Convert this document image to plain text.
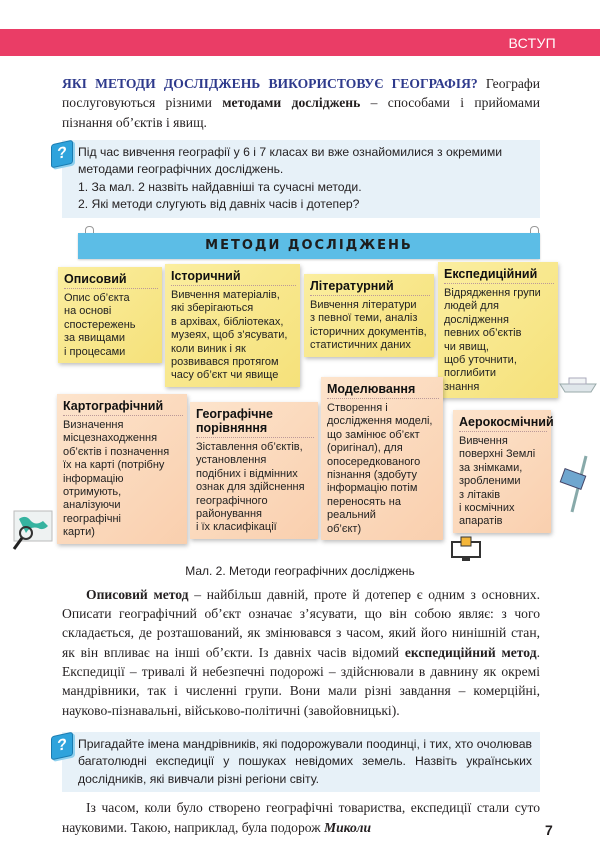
ВСТУП

ЯКІ МЕТОДИ ДОСЛІДЖЕНЬ ВИКОРИСТОВУЄ ГЕОГРАФІЯ? Географи послуговуються різними методами досліджень – способами і прийомами пізнання об’єктів і явищ.

? Під час вивчення географії у 6 і 7 класах ви вже ознайомилися з окремими методами географічних досліджень.
1. За мал. 2 назвіть найдавніші та сучасні методи.
2. Які методи слугують від давніх часів і дотепер?
МЕТОДИ ДОСЛІДЖЕНЬ
Описовий

Опис об’єкта
на основі
спостережень
за явищами
і процесами

Історичний

Вивчення матеріалів,
які зберігаються
в архівах, бібліотеках,
музеях, щоб з’ясувати,
коли виник і як
розвивався протягом
часу об’єкт чи явище

Літературний

Вивчення літератури
з певної теми, аналіз
історичних документів,
статистичних даних

Експедиційний

Відрядження групи
людей для
дослідження
певних об’єктів
чи явищ,
щоб уточнити,
поглибити
знання

Картографічний

Визначення
місцезнаходження
об’єктів і позначення
їх на карті (потрібну
інформацію
отримують,
аналізуючи
географічні
карти)

Географічне
порівняння

Зіставлення об’єктів,
установлення
подібних і відмінних
ознак для здійснення
географічного
районування
і їх класифікації

Моделювання

Створення і
дослідження моделі,
що замінює об’єкт
(оригінал), для
опосередкованого
пізнання (здобуту
інформацію потім
переносять на
реальний
об’єкт)

Аерокосмічний

Вивчення
поверхні Землі
за знімками,
зробленими
з літаків
і космічних
апаратів

Мал. 2. Методи географічних досліджень

Описовий метод – найбільш давній, проте й дотепер є одним з основних. Описати географічний об’єкт означає з’ясувати, що він собою являє: з чого складається, де розташований, як змінювався з часом, який його нинішній стан, як він впливає на інші об’єкти. Із давніх часів відомий експедиційний метод. Експедиції – тривалі й небезпечні подорожі – здійснювали в давнину як окремі мандрівники, так і численні групи. Вони мали різні завдання – комерційні, науково-пізнавальні, військово-політичні (завойовницькі).

? Пригадайте імена мандрівників, які подорожували поодинці, і тих, хто очолював багатолюдні експедиції у пошуках невідомих земель. Назвіть українських дослідників, які вивчали різні регіони світу.

Із часом, коли було створено географічні товариства, експедиції стали суто науковими. Такою, наприклад, була подорож Миколи	7
